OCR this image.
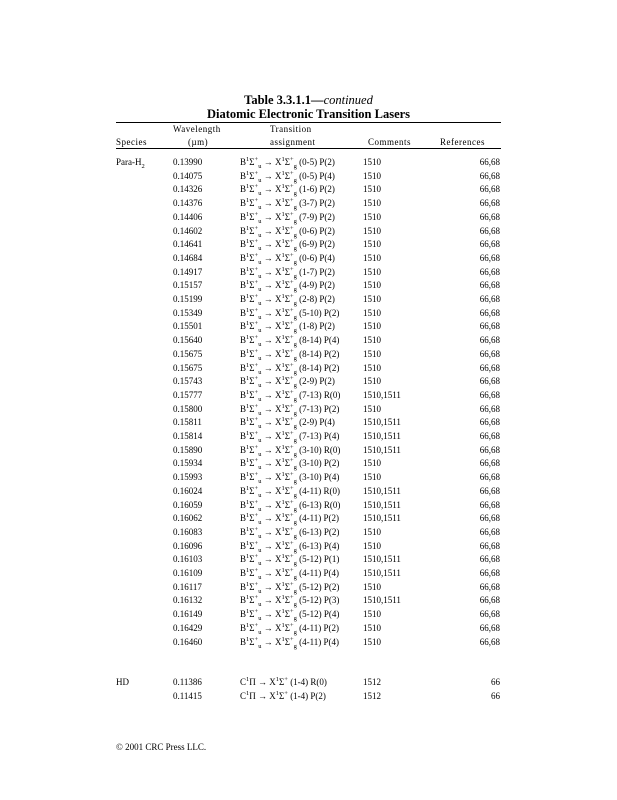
Table 3.3.1.1—continued
Diatomic Electronic Transition Lasers
Wavelength	Transition
Species	(µm)	assignment	Comments	References
Para-$H_2$	0.13990	$B^1\Sigma^+_u \to X^1\Sigma^+_g$ (0-5) P(2)	1510	66,68
0.14075	$B^1\Sigma^+_u \to X^1\Sigma^+_g$ (0-5) P(4)	1510	66,68
0.14326	$B^1\Sigma^+_u \to X^1\Sigma^+_g$ (1-6) P(2)	1510	66,68
0.14376	$B^1\Sigma^+_u \to X^1\Sigma^+_g$ (3-7) P(2)	1510	66,68
0.14406	$B^1\Sigma^+_u \to X^1\Sigma^+_g$ (7-9) P(2)	1510	66,68
0.14602	$B^1\Sigma^+_u \to X^1\Sigma^+_g$ (0-6) P(2)	1510	66,68
0.14641	$B^1\Sigma^+_u \to X^1\Sigma^+_g$ (6-9) P(2)	1510	66,68
0.14684	$B^1\Sigma^+_u \to X^1\Sigma^+_g$ (0-6) P(4)	1510	66,68
0.14917	$B^1\Sigma^+_u \to X^1\Sigma^+_g$ (1-7) P(2)	1510	66,68
0.15157	$B^1\Sigma^+_u \to X^1\Sigma^+_g$ (4-9) P(2)	1510	66,68
0.15199	$B^1\Sigma^+_u \to X^1\Sigma^+_g$ (2-8) P(2)	1510	66,68
0.15349	$B^1\Sigma^+_u \to X^1\Sigma^+_g$ (5-10) P(2)	1510	66,68
0.15501	$B^1\Sigma^+_u \to X^1\Sigma^+_g$ (1-8) P(2)	1510	66,68
0.15640	$B^1\Sigma^+_u \to X^1\Sigma^+_g$ (8-14) P(4)	1510	66,68
0.15675	$B^1\Sigma^+_u \to X^1\Sigma^+_g$ (8-14) P(2)	1510	66,68
0.15675	$B^1\Sigma^+_u \to X^1\Sigma^+_g$ (8-14) P(2)	1510	66,68
0.15743	$B^1\Sigma^+_u \to X^1\Sigma^+_g$ (2-9) P(2)	1510	66,68
0.15777	$B^1\Sigma^+_u \to X^1\Sigma^+_g$ (7-13) R(0)	1510,1511	66,68
0.15800	$B^1\Sigma^+_u \to X^1\Sigma^+_g$ (7-13) P(2)	1510	66,68
0.15811	$B^1\Sigma^+_u \to X^1\Sigma^+_g$ (2-9) P(4)	1510,1511	66,68
0.15814	$B^1\Sigma^+_u \to X^1\Sigma^+_g$ (7-13) P(4)	1510,1511	66,68
0.15890	$B^1\Sigma^+_u \to X^1\Sigma^+_g$ (3-10) R(0)	1510,1511	66,68
0.15934	$B^1\Sigma^+_u \to X^1\Sigma^+_g$ (3-10) P(2)	1510	66,68
0.15993	$B^1\Sigma^+_u \to X^1\Sigma^+_g$ (3-10) P(4)	1510	66,68
0.16024	$B^1\Sigma^+_u \to X^1\Sigma^+_g$ (4-11) R(0)	1510,1511	66,68
0.16059	$B^1\Sigma^+_u \to X^1\Sigma^+_g$ (6-13) R(0)	1510,1511	66,68
0.16062	$B^1\Sigma^+_u \to X^1\Sigma^+_g$ (4-11) P(2)	1510,1511	66,68
0.16083	$B^1\Sigma^+_u \to X^1\Sigma^+_g$ (6-13) P(2)	1510	66,68
0.16096	$B^1\Sigma^+_u \to X^1\Sigma^+_g$ (6-13) P(4)	1510	66,68
0.16103	$B^1\Sigma^+_u \to X^1\Sigma^+_g$ (5-12) P(1)	1510,1511	66,68
0.16109	$B^1\Sigma^+_u \to X^1\Sigma^+_g$ (4-11) P(4)	1510,1511	66,68
0.16117	$B^1\Sigma^+_u \to X^1\Sigma^+_g$ (5-12) P(2)	1510	66,68
0.16132	$B^1\Sigma^+_u \to X^1\Sigma^+_g$ (5-12) P(3)	1510,1511	66,68
0.16149	$B^1\Sigma^+_u \to X^1\Sigma^+_g$ (5-12) P(4)	1510	66,68
0.16429	$B^1\Sigma^+_u \to X^1\Sigma^+_g$ (4-11) P(2)	1510	66,68
0.16460	$B^1\Sigma^+_u \to X^1\Sigma^+_g$ (4-11) P(4)	1510	66,68
HD	0.11386	$C^1\Pi \to X^1\Sigma^+$ (1-4) R(0)	1512	66
0.11415	$C^1\Pi \to X^1\Sigma^+$ (1-4) P(2)	1512	66
© 2001 CRC Press LLC.
